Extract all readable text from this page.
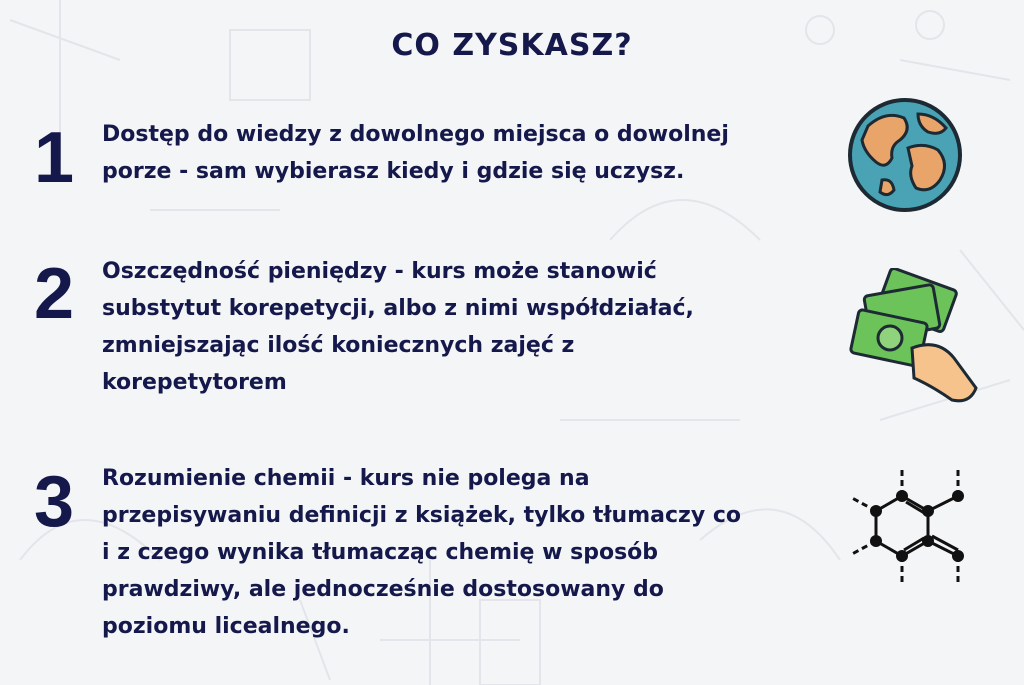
CO ZYSKASZ?
1	Dostęp do wiedzy z dowolnego miejsca o dowolnej
porze - sam wybierasz kiedy i gdzie się uczysz.
2	Oszczędność pieniędzy - kurs może stanowić
substytut korepetycji, albo z nimi współdziałać,
zmniejszając ilość koniecznych zajęć z
korepetytorem
3	Rozumienie chemii - kurs nie polega na
przepisywaniu definicji z książek, tylko tłumaczy co
i z czego wynika tłumacząc chemię w sposób
prawdziwy, ale jednocześnie dostosowany do
poziomu licealnego.
